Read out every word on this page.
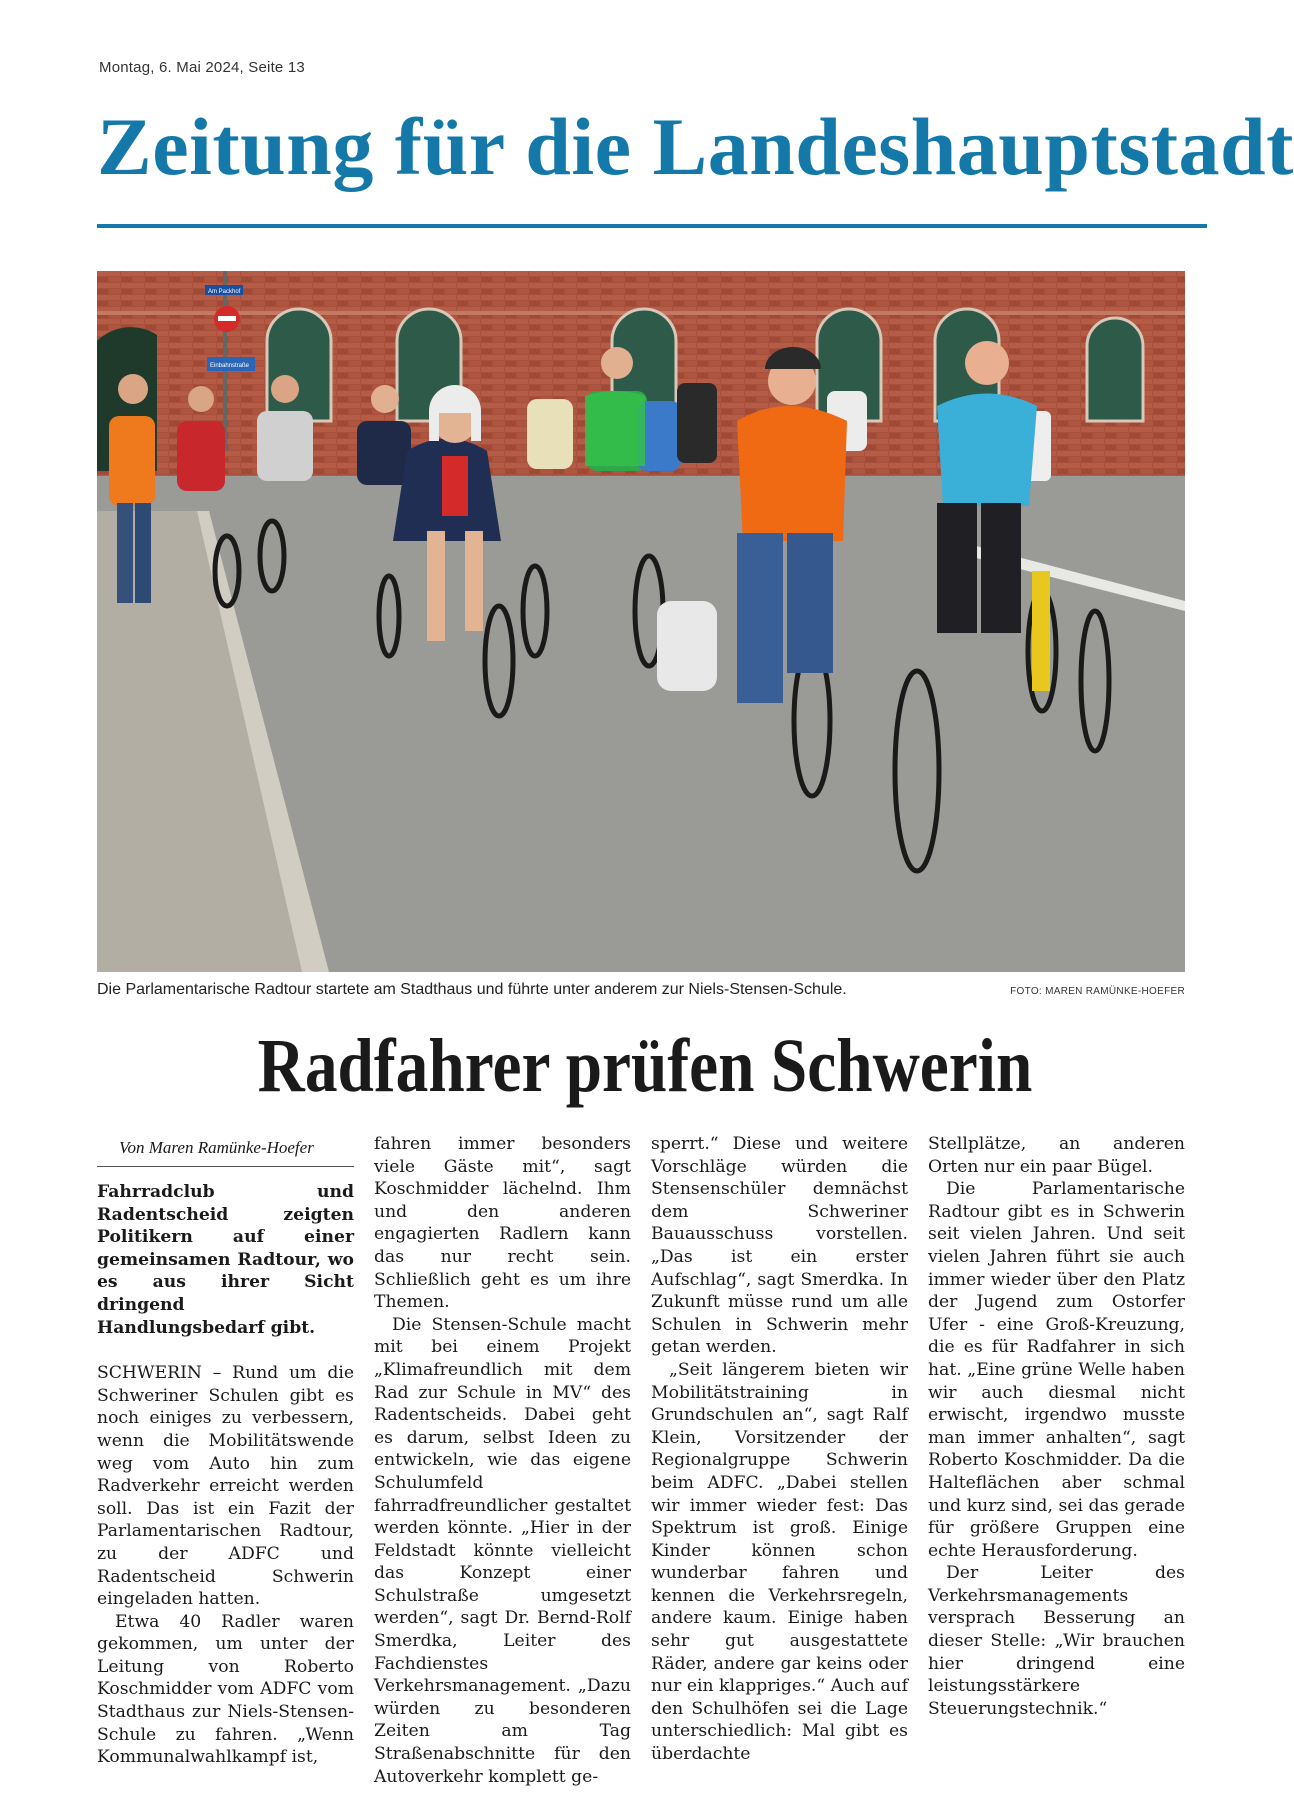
Montag, 6. Mai 2024, Seite 13
Zeitung für die Landeshauptstadt
Am Packhof
Einbahnstraße
Die Parlamentarische Radtour startete am Stadthaus und führte unter anderem zur Niels-Stensen-Schule.	FOTO: MAREN RAMÜNKE-HOEFER
Radfahrer prüfen Schwerin
Von Maren Ramünke-Hoefer

Fahrradclub und Radentscheid zeigten Politikern auf einer gemeinsamen Radtour, wo es aus ihrer Sicht dringend Handlungsbedarf gibt.

SCHWERIN – Rund um die Schweriner Schulen gibt es noch einiges zu verbessern, wenn die Mobilitätswende weg vom Auto hin zum Radverkehr erreicht werden soll. Das ist ein Fazit der Parlamentarischen Radtour, zu der ADFC und Radentscheid Schwerin eingeladen hatten.

Etwa 40 Radler waren gekommen, um unter der Leitung von Roberto Koschmidder vom ADFC vom Stadthaus zur Niels-Stensen-Schule zu fahren. „Wenn Kommunalwahlkampf ist,

fahren immer besonders viele Gäste mit“, sagt Koschmidder lächelnd. Ihm und den anderen engagierten Radlern kann das nur recht sein. Schließlich geht es um ihre Themen.

Die Stensen-Schule macht mit bei einem Projekt „Klimafreundlich mit dem Rad zur Schule in MV“ des Radentscheids. Dabei geht es darum, selbst Ideen zu entwickeln, wie das eigene Schulumfeld fahrradfreundlicher gestaltet werden könnte. „Hier in der Feldstadt könnte vielleicht das Konzept einer Schulstraße umgesetzt werden“, sagt Dr. Bernd-Rolf Smerdka, Leiter des Fachdienstes Verkehrsmanagement. „Dazu würden zu besonderen Zeiten am Tag Straßenabschnitte für den Autoverkehr komplett ge-

sperrt.“ Diese und weitere Vorschläge würden die Stensenschüler demnächst dem Schweriner Bauausschuss vorstellen. „Das ist ein erster Aufschlag“, sagt Smerdka. In Zukunft müsse rund um alle Schulen in Schwerin mehr getan werden.

„Seit längerem bieten wir Mobilitätstraining in Grundschulen an“, sagt Ralf Klein, Vorsitzender der Regionalgruppe Schwerin beim ADFC. „Dabei stellen wir immer wieder fest: Das Spektrum ist groß. Einige Kinder können schon wunderbar fahren und kennen die Verkehrsregeln, andere kaum. Einige haben sehr gut ausgestattete Räder, andere gar keins oder nur ein klappriges.“ Auch auf den Schulhöfen sei die Lage unterschiedlich: Mal gibt es überdachte

Stellplätze, an anderen Orten nur ein paar Bügel.

Die Parlamentarische Radtour gibt es in Schwerin seit vielen Jahren. Und seit vielen Jahren führt sie auch immer wieder über den Platz der Jugend zum Ostorfer Ufer - eine Groß-Kreuzung, die es für Radfahrer in sich hat. „Eine grüne Welle haben wir auch diesmal nicht erwischt, irgendwo musste man immer anhalten“, sagt Roberto Koschmidder. Da die Halteflächen aber schmal und kurz sind, sei das gerade für größere Gruppen eine echte Herausforderung.

Der Leiter des Verkehrsmanagements versprach Besserung an dieser Stelle: „Wir brauchen hier dringend eine leistungsstärkere Steuerungstechnik.“
